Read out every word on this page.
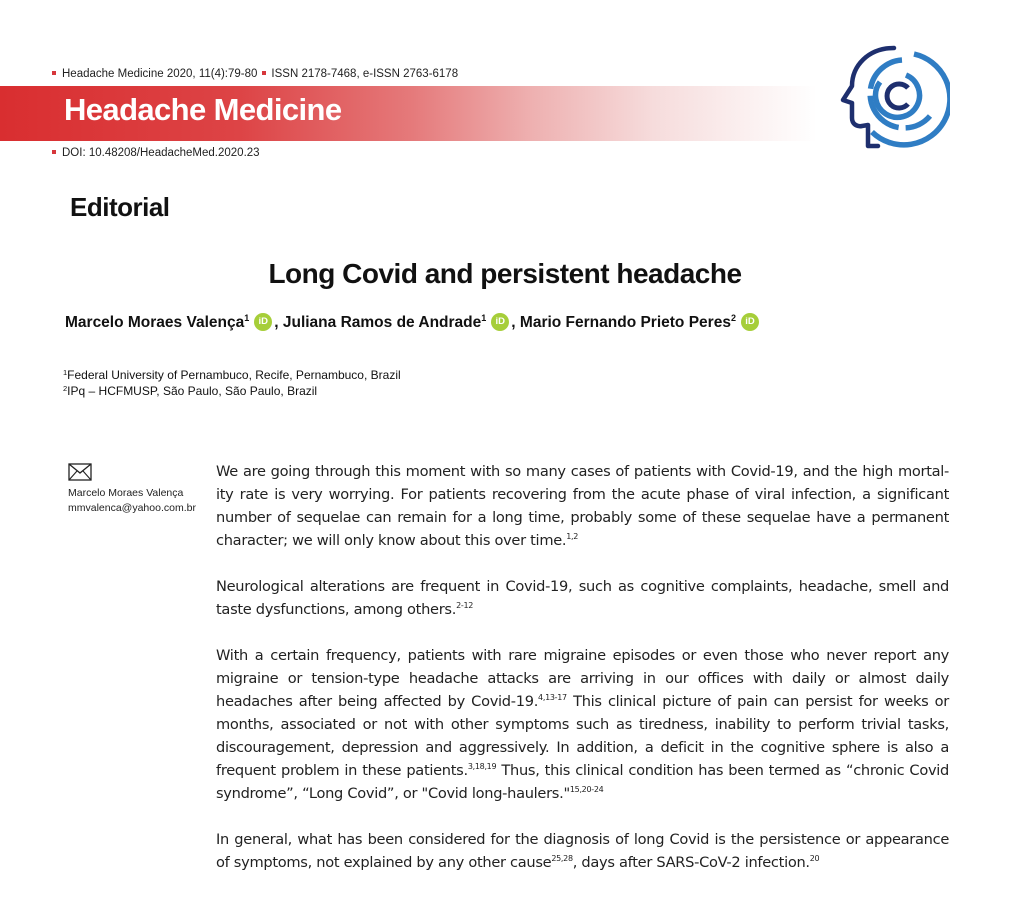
Headache Medicine 2020, 11(4):79-80 ISSN 2178-7468, e-ISSN 2763-6178
Headache Medicine
DOI: 10.48208/HeadacheMed.2020.23
Editorial
Long Covid and persistent headache
Marcelo Moraes Valença$^1$ iD , Juliana Ramos de Andrade$^1$ iD , Mario Fernando Prieto Peres$^2$ iD
$^1$Federal University of Pernambuco, Recife, Pernambuco, Brazil
$^2$IPq – HCFMUSP, São Paulo, São Paulo, Brazil
Marcelo Moraes Valença
mmvalenca@yahoo.com.br

We are going through this moment with so many cases of patients with Covid-19, and the high mortal-ity rate is very worrying. For patients recovering from the acute phase of viral infection, a significant number of sequelae can remain for a long time, probably some of these sequelae have a permanent character; we will only know about this over time.$^{1,2}$

Neurological alterations are frequent in Covid-19, such as cognitive complaints, headache, smell and taste dysfunctions, among others.$^{2-12}$

With a certain frequency, patients with rare migraine episodes or even those who never report any migraine or tension-type headache attacks are arriving in our offices with daily or almost daily headaches after being affected by Covid-19.$^{4,13-17}$ This clinical picture of pain can persist for weeks or months, associated or not with other symptoms such as tiredness, inability to perform trivial tasks, discouragement, depression and aggressively. In addition, a deficit in the cognitive sphere is also a frequent problem in these patients.$^{3,18,19}$ Thus, this clinical condition has been termed as “chronic Covid syndrome”, “Long Covid”, or "Covid long-haulers."$^{15,20-24}$

In general, what has been considered for the diagnosis of long Covid is the persistence or appearance of symptoms, not explained by any other cause$^{25,28}$, days after SARS-CoV-2 infection.$^{20}$
